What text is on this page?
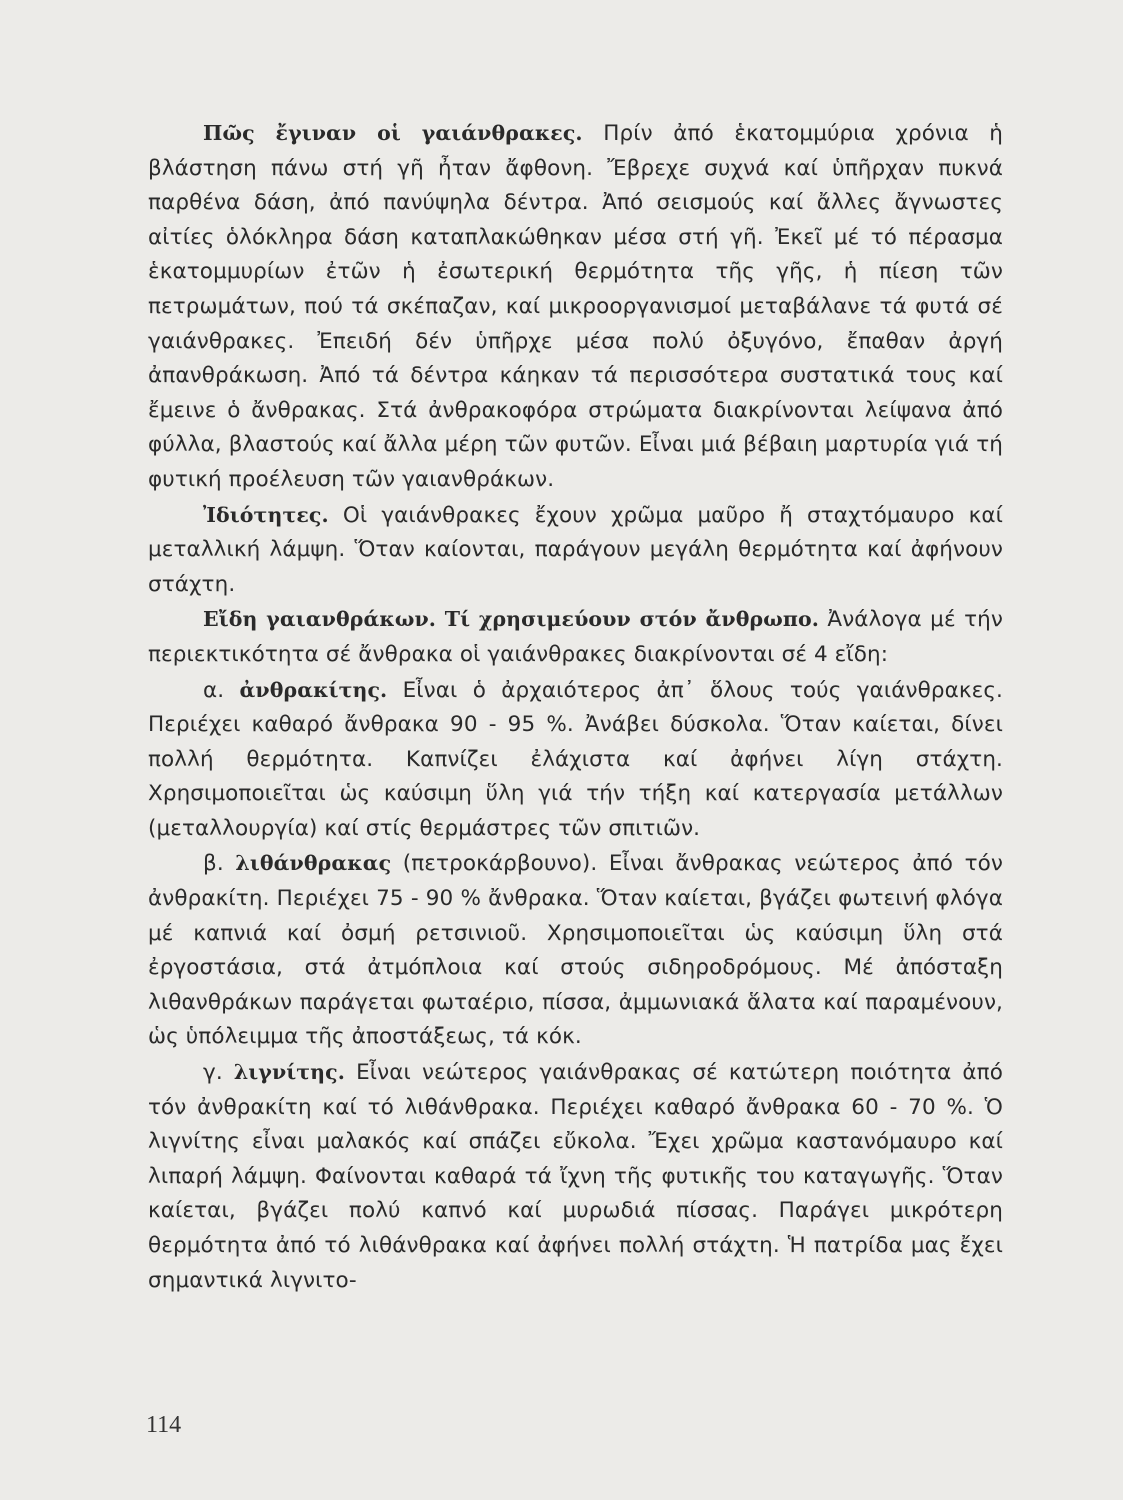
Πῶς ἔγιναν οἱ γαιάνθρακες. Πρίν ἀπό ἑκατομμύρια χρόνια ἡ βλάστηση πάνω στή γῆ ἦταν ἄφθονη. Ἔβρεχε συχνά καί ὑπῆρχαν πυκνά παρθένα δάση, ἀπό πανύψηλα δέντρα. Ἀπό σεισμούς καί ἄλλες ἄγνωστες αἰτίες ὁλόκληρα δάση καταπλακώθηκαν μέσα στή γῆ. Ἐκεῖ μέ τό πέρασμα ἑκατομμυρίων ἐτῶν ἡ ἐσωτερική θερμότητα τῆς γῆς, ἡ πίεση τῶν πετρωμάτων, πού τά σκέπαζαν, καί μικροοργανισμοί μεταβάλανε τά φυτά σέ γαιάνθρακες. Ἐπειδή δέν ὑπῆρχε μέσα πολύ ὀξυγόνο, ἔπαθαν ἀργή ἀπανθράκωση. Ἀπό τά δέντρα κάηκαν τά περισσότερα συστατικά τους καί ἔμεινε ὁ ἄνθρακας. Στά ἀνθρακοφόρα στρώματα διακρίνονται λείψανα ἀπό φύλλα, βλαστούς καί ἄλλα μέρη τῶν φυτῶν. Εἶναι μιά βέβαιη μαρτυρία γιά τή φυτική προέλευση τῶν γαιανθράκων.

Ἰδιότητες. Οἱ γαιάνθρακες ἔχουν χρῶμα μαῦρο ἤ σταχτόμαυρο καί μεταλλική λάμψη. Ὅταν καίονται, παράγουν μεγάλη θερμότητα καί ἀφήνουν στάχτη.

Εἴδη γαιανθράκων. Τί χρησιμεύουν στόν ἄνθρωπο. Ἀνάλογα μέ τήν περιεκτικότητα σέ ἄνθρακα οἱ γαιάνθρακες διακρίνονται σέ 4 εἴδη:

α. ἀνθρακίτης. Εἶναι ὁ ἀρχαιότερος ἀπ᾽ ὅλους τούς γαιάνθρακες. Περιέχει καθαρό ἄνθρακα 90 - 95 %. Ἀνάβει δύσκολα. Ὅταν καίεται, δίνει πολλή θερμότητα. Καπνίζει ἐλάχιστα καί ἀφήνει λίγη στάχτη. Χρησιμοποιεῖται ὡς καύσιμη ὕλη γιά τήν τήξη καί κατεργασία μετάλλων (μεταλλουργία) καί στίς θερμάστρες τῶν σπιτιῶν.

β. λιθάνθρακας (πετροκάρβουνο). Εἶναι ἄνθρακας νεώτερος ἀπό τόν ἀνθρακίτη. Περιέχει 75 - 90 % ἄνθρακα. Ὅταν καίεται, βγάζει φωτεινή φλόγα μέ καπνιά καί ὀσμή ρετσινιοῦ. Χρησιμοποιεῖται ὡς καύσιμη ὕλη στά ἐργοστάσια, στά ἀτμόπλοια καί στούς σιδηροδρόμους. Μέ ἀπόσταξη λιθανθράκων παράγεται φωταέριο, πίσσα, ἀμμωνιακά ἅλατα καί παραμένουν, ὡς ὑπόλειμμα τῆς ἀποστάξεως, τά κόκ.

γ. λιγνίτης. Εἶναι νεώτερος γαιάνθρακας σέ κατώτερη ποιότητα ἀπό τόν ἀνθρακίτη καί τό λιθάνθρακα. Περιέχει καθαρό ἄνθρακα 60 - 70 %. Ὁ λιγνίτης εἶναι μαλακός καί σπάζει εὔκολα. Ἔχει χρῶμα καστανόμαυρο καί λιπαρή λάμψη. Φαίνονται καθαρά τά ἴχνη τῆς φυτικῆς του καταγωγῆς. Ὅταν καίεται, βγάζει πολύ καπνό καί μυρωδιά πίσσας. Παράγει μικρότερη θερμότητα ἀπό τό λιθάνθρακα καί ἀφήνει πολλή στάχτη. Ἡ πατρίδα μας ἔχει σημαντικά λιγνιτο-

114
